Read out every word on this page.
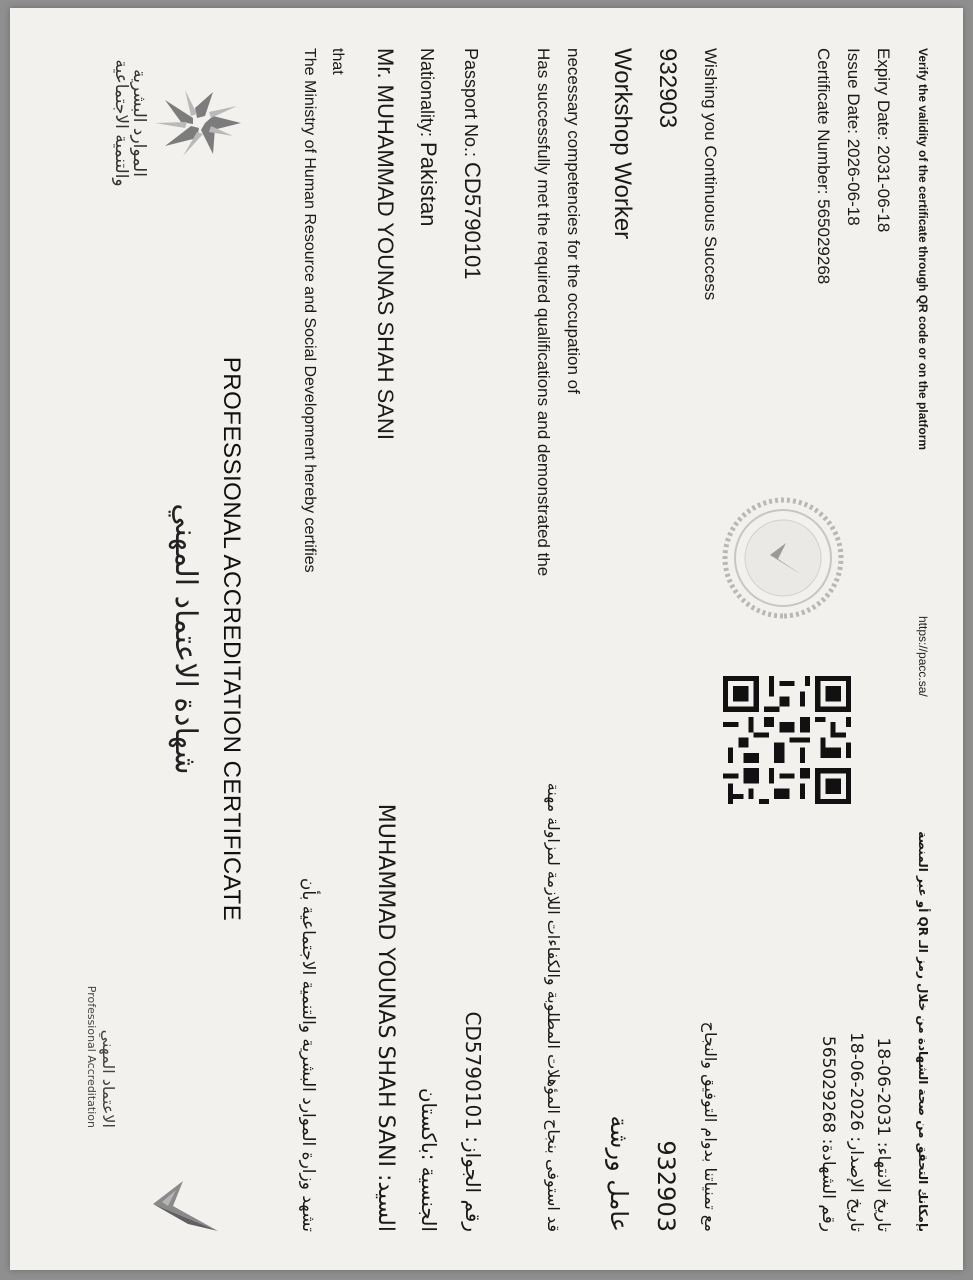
الموارد البشرية والتنمية الاجتماعية
الاعتماد المهني
Professional Accreditation
شهادة الاعتماد المهني PROFESSIONAL ACCREDITATION CERTIFICATE
The Ministry of Human Resource and Social Development hereby certifies that Mr. MUHAMMAD YOUNAS SHAH SANI Nationality: Pakistan
Passport No.: CD5790101	Has successfully met the required qualifications and demonstrated the necessary competencies for the occupation of Workshop Worker 932903 Wishing you Continuous Success	Certificate Number: 565029268 Issue Date: 2026-06-18 Expiry Date: 2031-06-18 Verify the validity of the certificate through QR code or on the platform
https://pacc.sa/
تشهد وزارة الموارد البشرية والتنمية الاجتماعية بأن	السيد: MUHAMMAD YOUNAS SHAH SANI الجنسية :باكستان
رقم الجواز: CD5790101	قد استوفى بنجاح المؤهلات المطلوبة والكفاءات اللازمة لمزاولة مهنة عامل ورشة 932903 مع تمنياتنا بدوام التوفيق والنجاح	رقم الشهادة: 565029268
تاريخ الإصدار: 2026-06-18
تاريخ الانتهاء: 2031-06-18
بإمكانك التحقق من صحة الشهادة من خلال رمز الـ QR أو عبر المنصة
